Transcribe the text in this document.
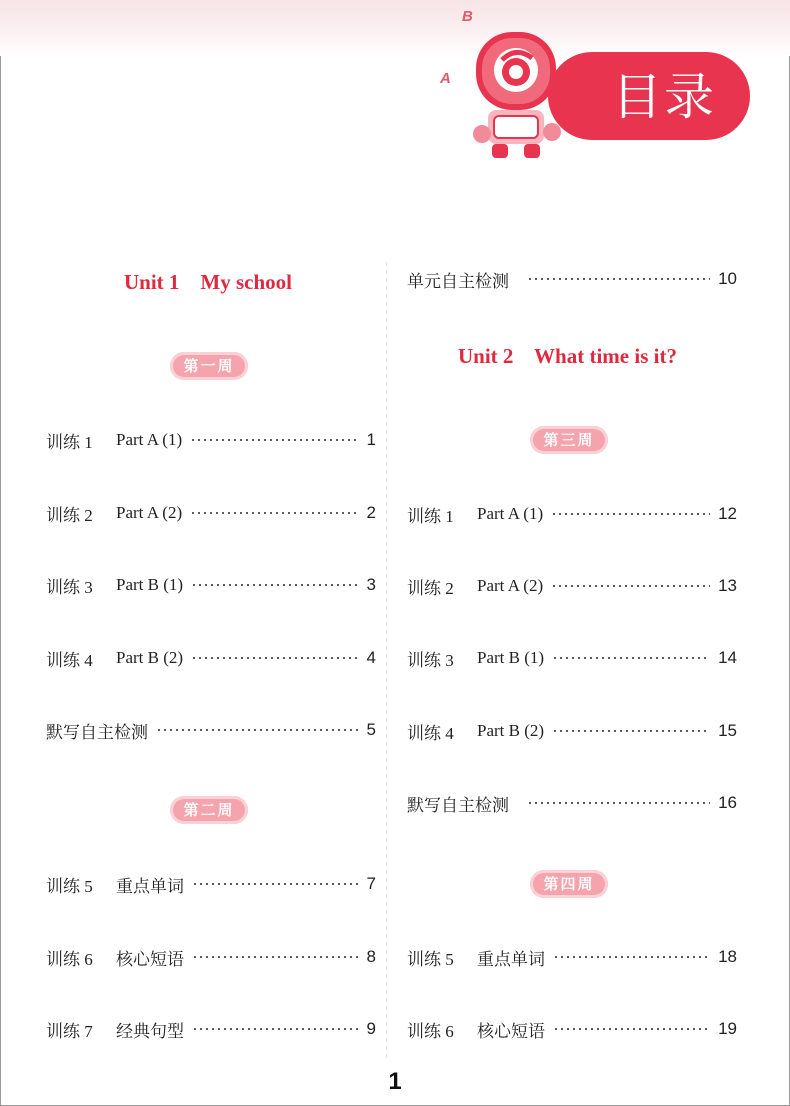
B
A	目录
Unit 1    My school
第一周
训练 1	Part A (1)	1
训练 2	Part A (2)	2
训练 3	Part B (1)	3
训练 4	Part B (2)	4
默写自主检测	5
第二周
训练 5	重点单词	7
训练 6	核心短语	8
训练 7	经典句型	9
单元自主检测	10
Unit 2    What time is it?
第三周
训练 1	Part A (1)	12
训练 2	Part A (2)	13
训练 3	Part B (1)	14
训练 4	Part B (2)	15
默写自主检测	16
第四周
训练 5	重点单词	18
训练 6	核心短语	19
1
